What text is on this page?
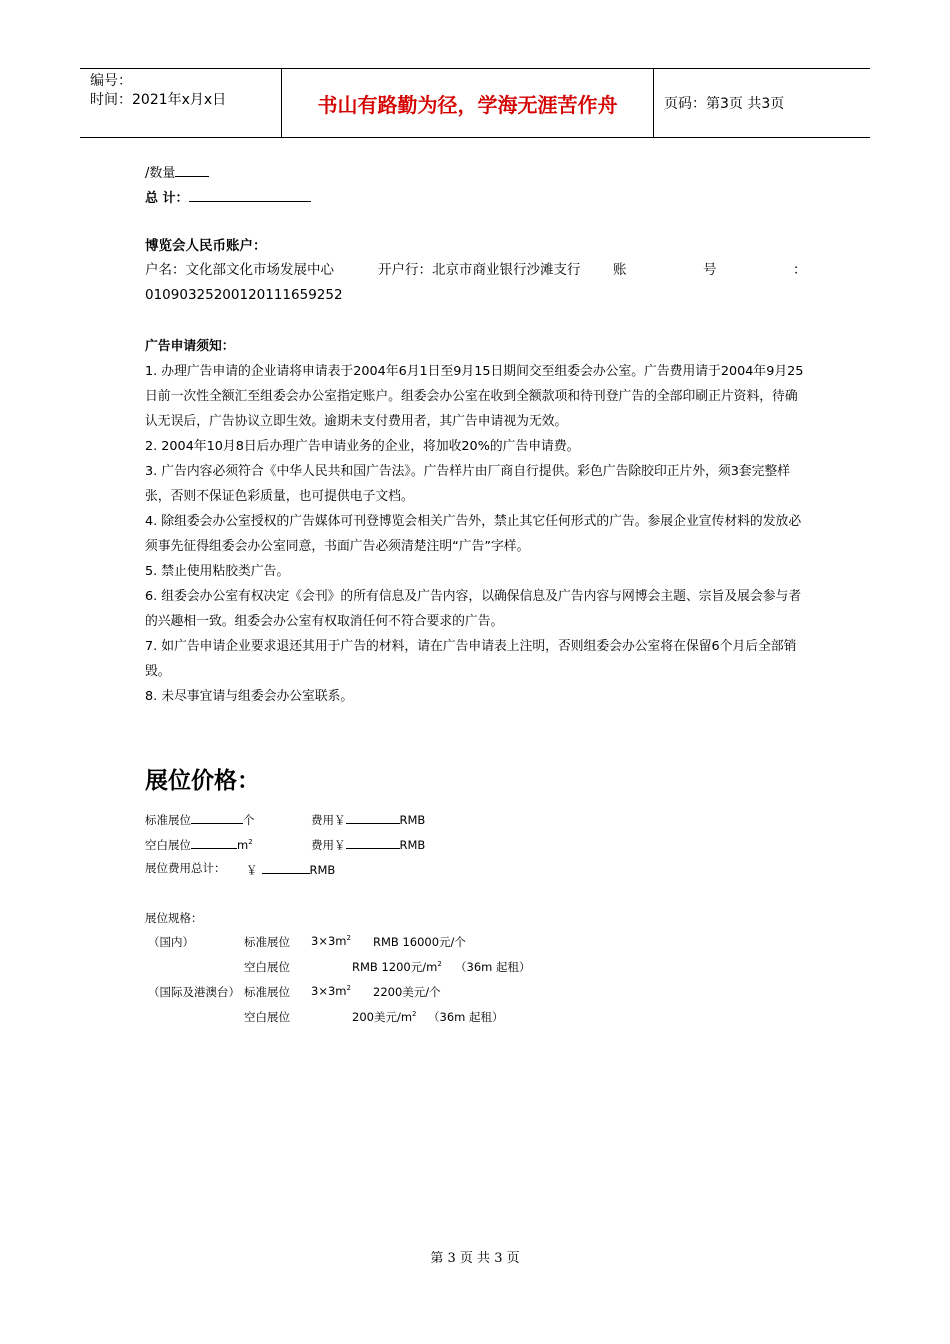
编号：
时间：2021年x月x日	书山有路勤为径，学海无涯苦作舟	页码：第3页 共3页
/数量
总 计：
博览会人民币账户：
户名：文化部文化市场发展中心	开户行：北京市商业银行沙滩支行 账	号	：
01090325200120111659252

广告申请须知：

1. 办理广告申请的企业请将申请表于2004年6月1日至9月15日期间交至组委会办公室。广告费用请于2004年9月25日前一次性全额汇至组委会办公室指定账户。组委会办公室在收到全额款项和待刊登广告的全部印刷正片资料，待确认无误后，广告协议立即生效。逾期未支付费用者，其广告申请视为无效。

2. 2004年10月8日后办理广告申请业务的企业，将加收20%的广告申请费。

3. 广告内容必须符合《中华人民共和国广告法》。广告样片由厂商自行提供。彩色广告除胶印正片外，须3套完整样张，否则不保证色彩质量，也可提供电子文档。

4. 除组委会办公室授权的广告媒体可刊登博览会相关广告外，禁止其它任何形式的广告。参展企业宣传材料的发放必须事先征得组委会办公室同意，书面广告必须清楚注明“广告”字样。

5. 禁止使用粘胶类广告。

6. 组委会办公室有权决定《会刊》的所有信息及广告内容，以确保信息及广告内容与网博会主题、宗旨及展会参与者的兴趣相一致。组委会办公室有权取消任何不符合要求的广告。

7. 如广告申请企业要求退还其用于广告的材料，请在广告申请表上注明，否则组委会办公室将在保留6个月后全部销毁。

8. 未尽事宜请与组委会办公室联系。

展位价格：
标准展位	个	费用￥	RMB
空白展位	$m^2$	费用￥	RMB
展位费用总计： ￥	RMB
展位规格：
（国内）	标准展位 $3\times 3m^2$ RMB 16000元/个
空白展位	RMB 1200元$/m^2$ （36m 起租）
（国际及港澳台） 标准展位 $3\times 3m^2$ 2200美元/个
空白展位	200美元$/m^2$ （36m 起租）
第 3 页 共 3 页
